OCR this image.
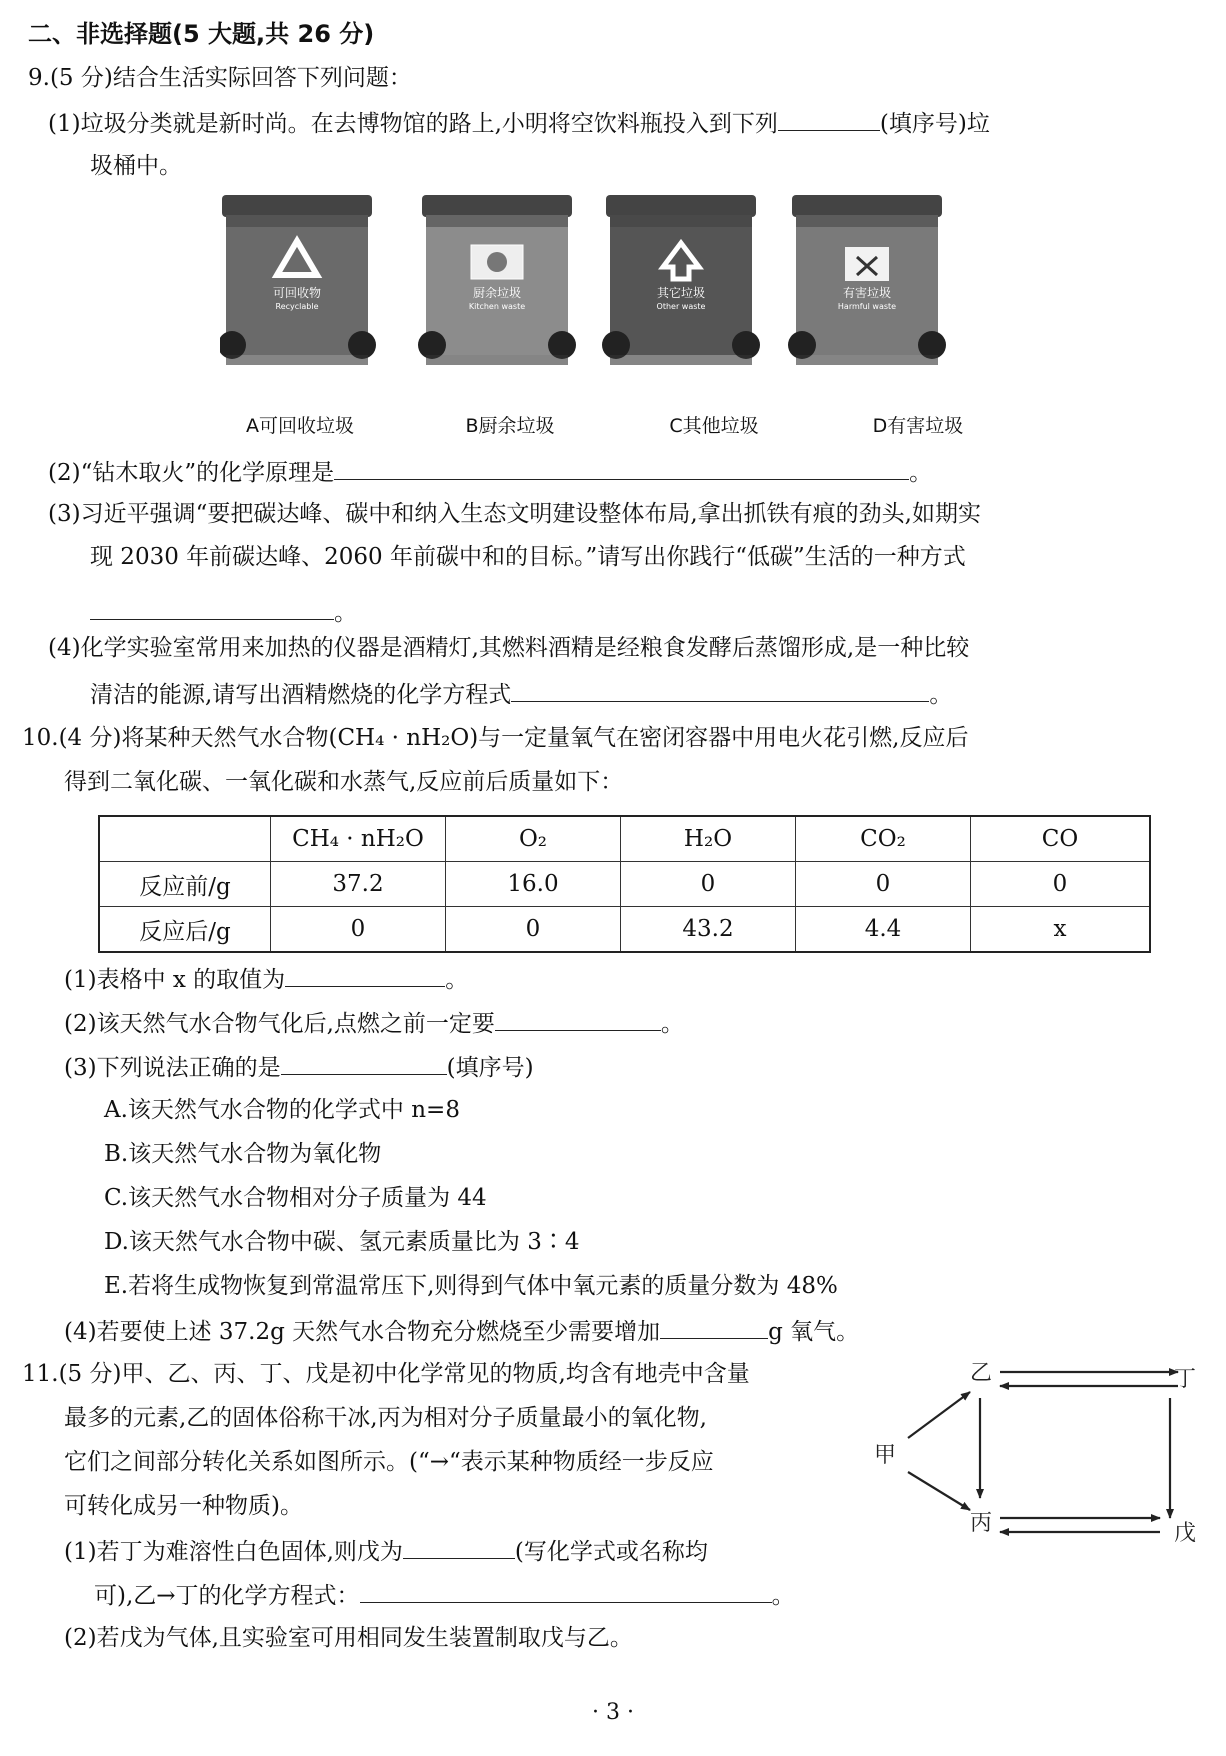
二、非选择题(5 大题,共 26 分)
9.(5 分)结合生活实际回答下列问题：
(1)垃圾分类就是新时尚。在去博物馆的路上,小明将空饮料瓶投入到下列	(填序号)垃
圾桶中。
可回收物
Recyclable
厨余垃圾
Kitchen waste
其它垃圾
Other waste
有害垃圾
Harmful waste
A可回收垃圾	B厨余垃圾	C其他垃圾	D有害垃圾
(2)“钻木取火”的化学原理是	。
(3)习近平强调“要把碳达峰、碳中和纳入生态文明建设整体布局,拿出抓铁有痕的劲头,如期实
现 2030 年前碳达峰、2060 年前碳中和的目标。”请写出你践行“低碳”生活的一种方式
。
(4)化学实验室常用来加热的仪器是酒精灯,其燃料酒精是经粮食发酵后蒸馏形成,是一种比较
清洁的能源,请写出酒精燃烧的化学方程式	。
10.(4 分)将某种天然气水合物(CH₄ · nH₂O)与一定量氧气在密闭容器中用电火花引燃,反应后
得到二氧化碳、一氧化碳和水蒸气,反应前后质量如下：
	CH₄ · nH₂O	O₂	H₂O	CO₂	CO
反应前/g	37.2	16.0	0	0	0
反应后/g	0	0	43.2	4.4	x
(1)表格中 x 的取值为	。
(2)该天然气水合物气化后,点燃之前一定要	。
(3)下列说法正确的是	(填序号)
A.该天然气水合物的化学式中 n=8
B.该天然气水合物为氧化物
C.该天然气水合物相对分子质量为 44
D.该天然气水合物中碳、氢元素质量比为 3∶4
E.若将生成物恢复到常温常压下,则得到气体中氧元素的质量分数为 48%
(4)若要使上述 37.2g 天然气水合物充分燃烧至少需要增加	g 氧气。
11.(5 分)甲、乙、丙、丁、戊是初中化学常见的物质,均含有地壳中含量
最多的元素,乙的固体俗称干冰,丙为相对分子质量最小的氧化物,
它们之间部分转化关系如图所示。(“→“表示某种物质经一步反应
可转化成另一种物质)。
(1)若丁为难溶性白色固体,则戊为	(写化学式或名称均
可),乙→丁的化学方程式：	。
(2)若戊为气体,且实验室可用相同发生装置制取戊与乙。
甲
乙
丙
丁
戊
· 3 ·
